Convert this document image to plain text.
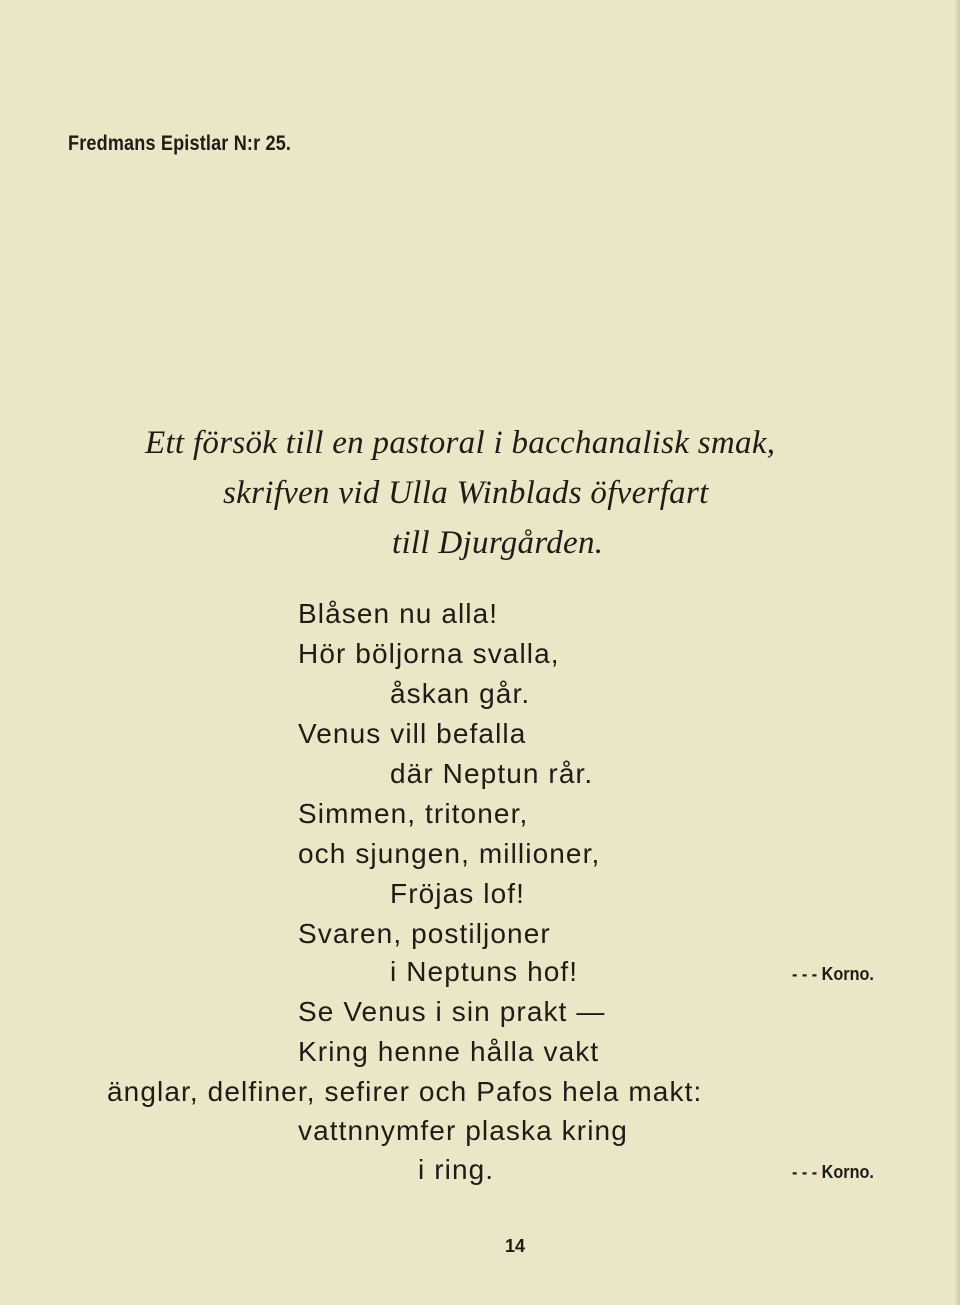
Fredmans Epistlar N:r 25.
Ett försök till en pastoral i bacchanalisk smak,
skrifven vid Ulla Winblads öfverfart
till Djurgården.
Blåsen nu alla!
Hör böljorna svalla,
åskan går.
Venus vill befalla
där Neptun rår.
Simmen, tritoner,
och sjungen, millioner,
Fröjas lof!
Svaren, postiljoner
i Neptuns hof!
Se Venus i sin prakt —
Kring henne hålla vakt
änglar, delfiner, sefirer och Pafos hela makt:
vattnnymfer plaska kring
i ring.
- - - Korno.
- - - Korno.
14
